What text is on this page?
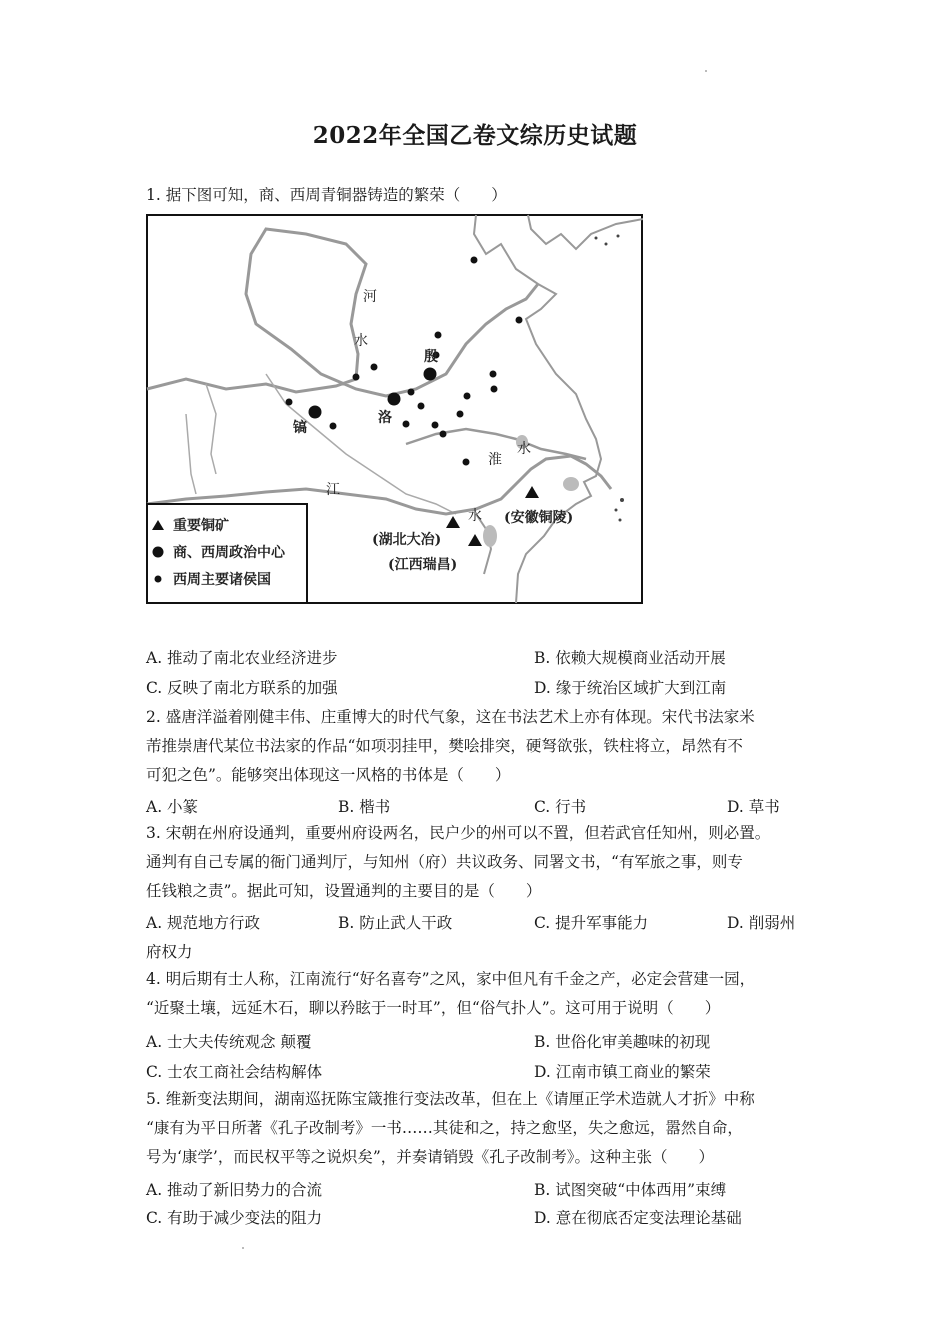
2022年全国乙卷文综历史试题
1. 据下图可知，商、西周青铜器铸造的繁荣（　　）
河
水
殷
洛
镐
淮
水
江
水 (安徽铜陵)
(湖北大冶)
(江西瑞昌)
重要铜矿
商、西周政治中心
西周主要诸侯国
A. 推动了南北农业经济进步	B. 依赖大规模商业活动开展
C. 反映了南北方联系的加强	D. 缘于统治区域扩大到江南
2. 盛唐洋溢着刚健丰伟、庄重博大的时代气象，这在书法艺术上亦有体现。宋代书法家米
芾推崇唐代某位书法家的作品“如项羽挂甲，樊哙排突，硬弩欲张，铁柱将立，昂然有不
可犯之色”。能够突出体现这一风格的书体是（　　）
A. 小篆	B. 楷书	C. 行书	D. 草书
3. 宋朝在州府设通判，重要州府设两名，民户少的州可以不置，但若武官任知州，则必置。
通判有自己专属的衙门通判厅，与知州（府）共议政务、同署文书，“有军旅之事，则专
任钱粮之责”。据此可知，设置通判的主要目的是（　　）
A. 规范地方行政	B. 防止武人干政	C. 提升军事能力	D. 削弱州
府权力
4. 明后期有士人称，江南流行“好名喜夸”之风，家中但凡有千金之产，必定会营建一园，
“近聚土壤，远延木石，聊以矜眩于一时耳”，但“俗气扑人”。这可用于说明（　　）
A. 士大夫传统观念 颠覆	B. 世俗化审美趣味的初现
C. 士农工商社会结构解体	D. 江南市镇工商业的繁荣
5. 维新变法期间，湖南巡抚陈宝箴推行变法改革，但在上《请厘正学术造就人才折》中称
“康有为平日所著《孔子改制考》一书……其徒和之，持之愈坚，失之愈远，嚣然自命，
号为‘康学’，而民权平等之说炽矣”，并奏请销毁《孔子改制考》。这种主张（　　）
A. 推动了新旧势力的合流	B. 试图突破“中体西用”束缚
C. 有助于减少变法的阻力	D. 意在彻底否定变法理论基础
